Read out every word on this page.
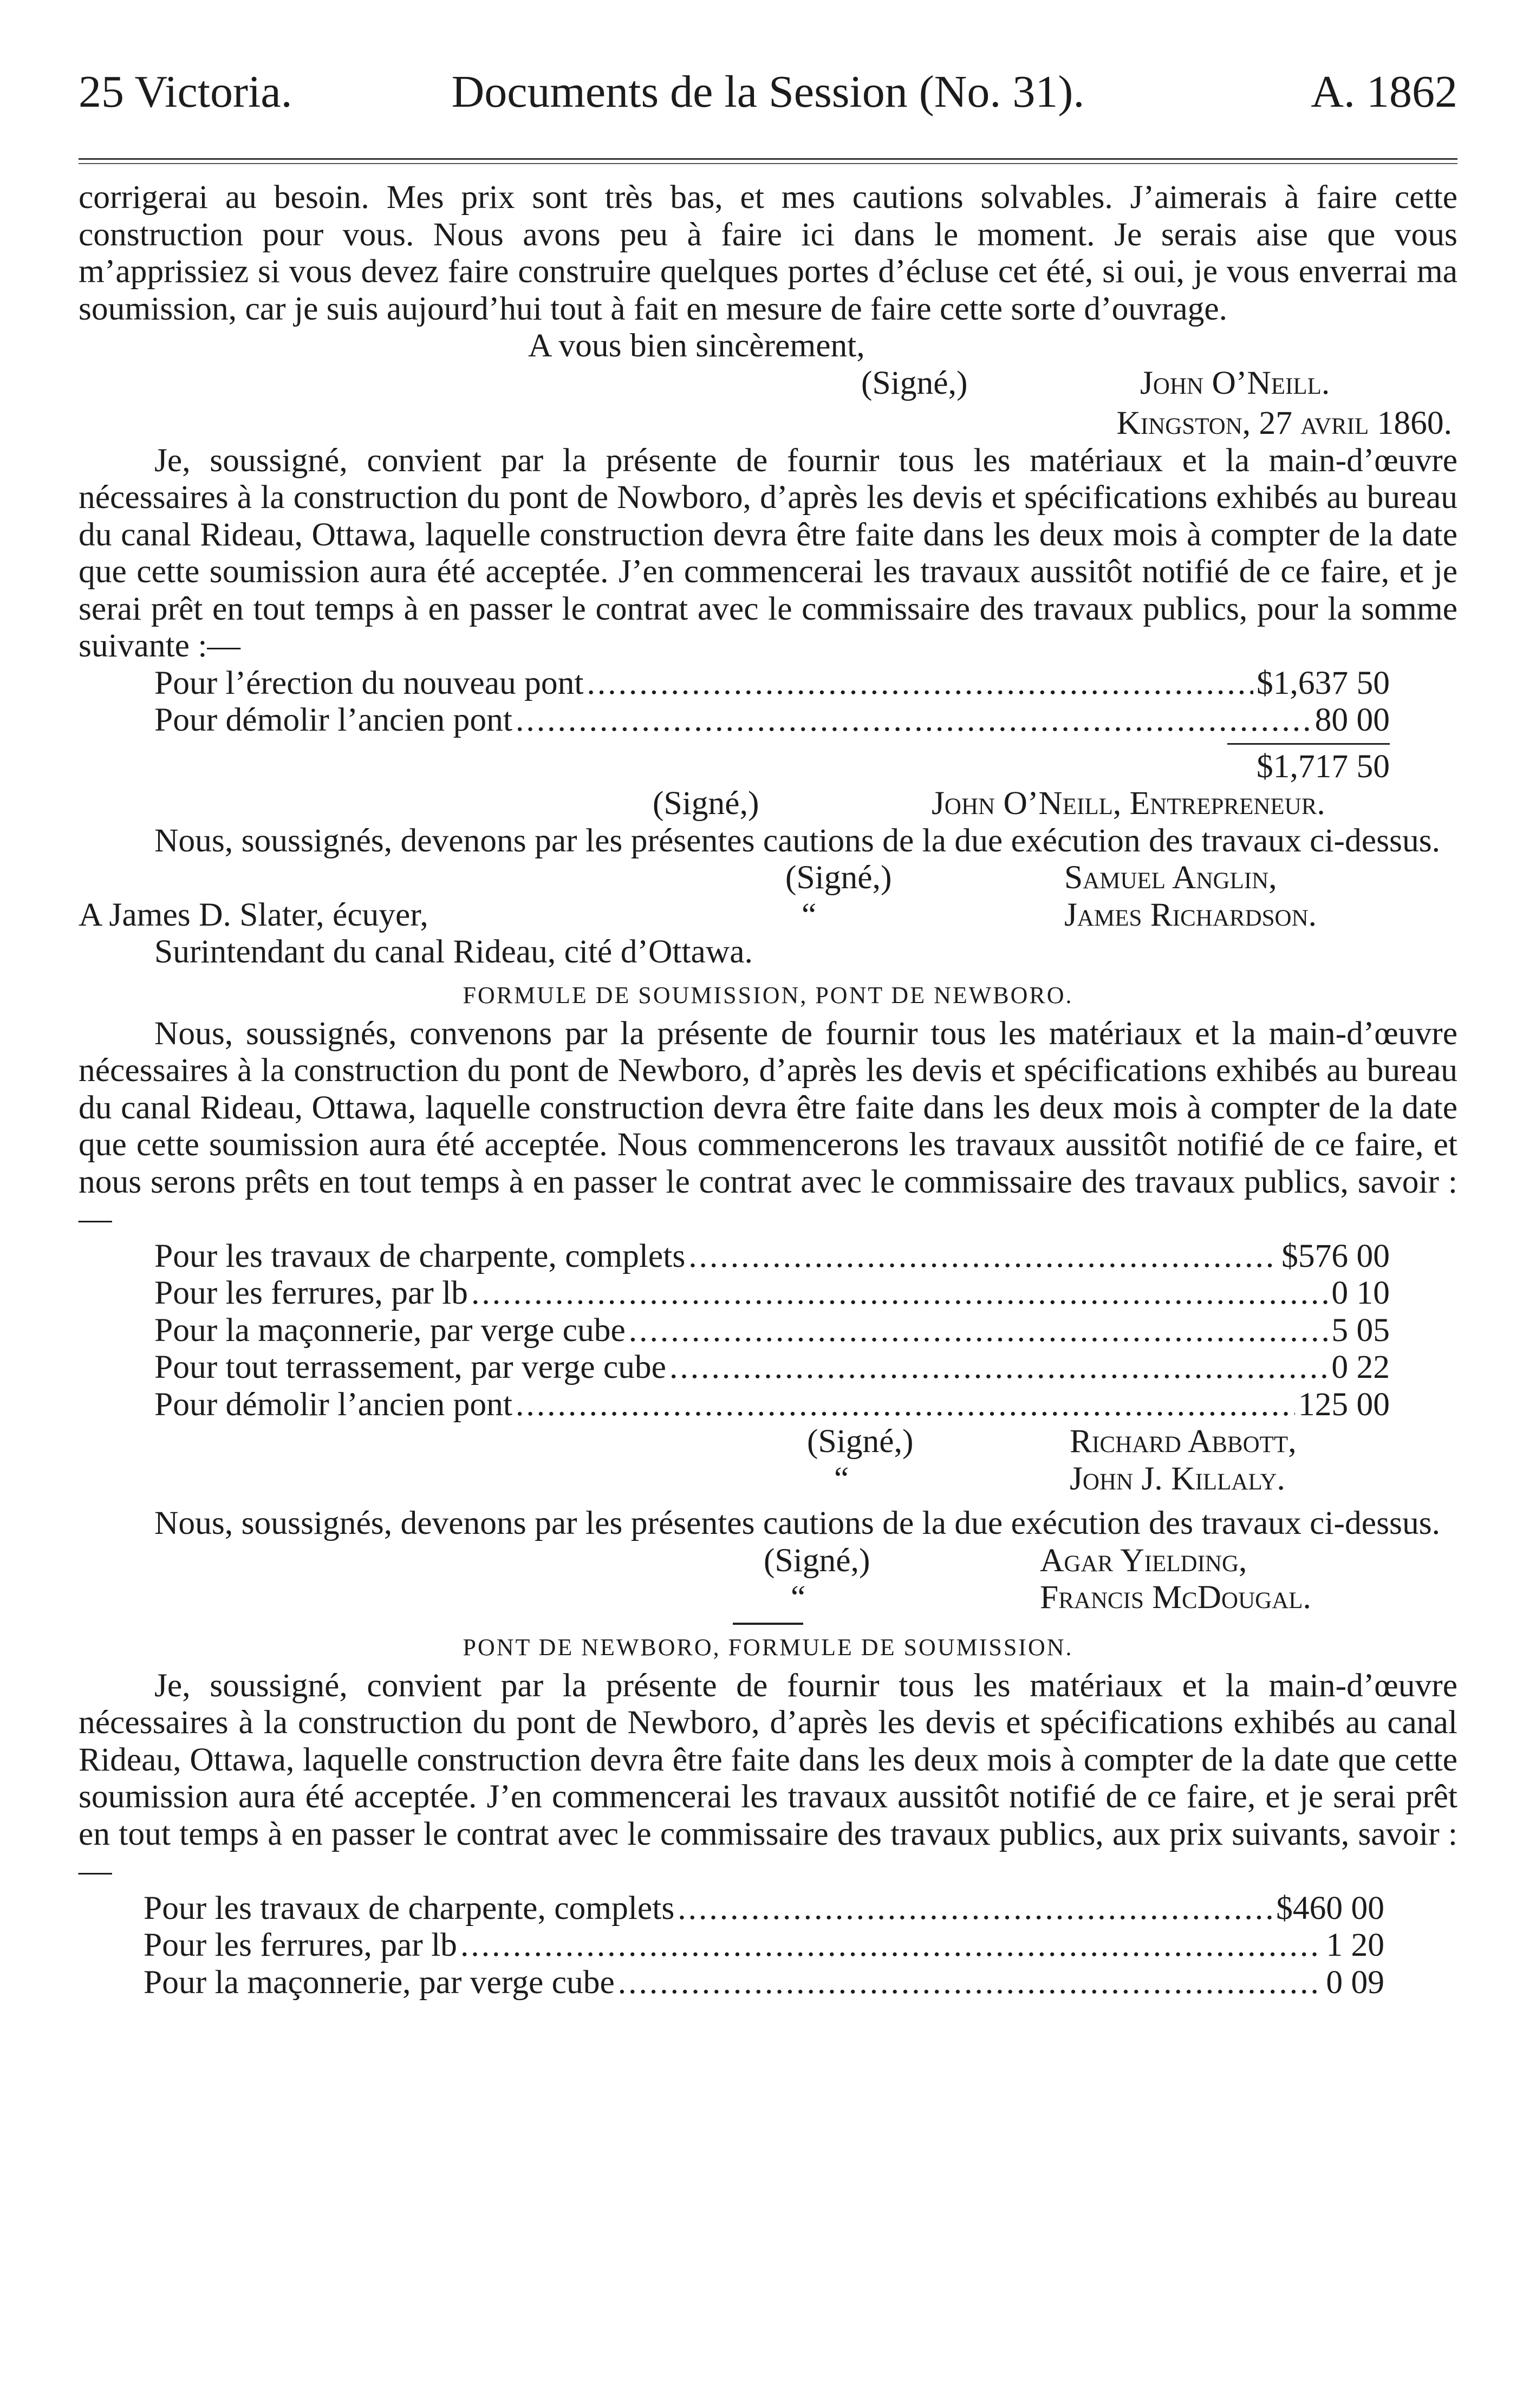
25 Victoria.	Documents de la Session (No. 31).	A. 1862

corrigerai au besoin. Mes prix sont très bas, et mes cautions solvables. J’aimerais à faire cette construction pour vous. Nous avons peu à faire ici dans le moment. Je serais aise que vous m’apprissiez si vous devez faire construire quelques portes d’écluse cet été, si oui, je vous enverrai ma soumission, car je suis aujourd’hui tout à fait en mesure de faire cette sorte d’ouvrage.

A vous bien sincèrement,
(Signé,)	John O’Neill.
Kingston, 27 avril 1860.

Je, soussigné, convient par la présente de fournir tous les matériaux et la main-d’œuvre nécessaires à la construction du pont de Nowboro, d’après les devis et spécifications exhibés au bureau du canal Rideau, Ottawa, laquelle construction devra être faite dans les deux mois à compter de la date que cette soumission aura été acceptée. J’en commencerai les travaux aussitôt notifié de ce faire, et je serai prêt en tout temps à en passer le contrat avec le commissaire des travaux publics, pour la somme suivante :—

Pour l’érection du nouveau pont .....	$1,637 50
Pour démolir l’ancien pont .....	80 00
$1,717 50
(Signé,)	John O’Neill, Entrepreneur.

Nous, soussignés, devenons par les présentes cautions de la due exécution des travaux ci-dessus.

(Signé,)	Samuel Anglin,
A James D. Slater, écuyer,	“	James Richardson.
Surintendant du canal Rideau, cité d’Ottawa.
FORMULE DE SOUMISSION, PONT DE NEWBORO.

Nous, soussignés, convenons par la présente de fournir tous les matériaux et la main-d’œuvre nécessaires à la construction du pont de Newboro, d’après les devis et spécifications exhibés au bureau du canal Rideau, Ottawa, laquelle construction devra être faite dans les deux mois à compter de la date que cette soumission aura été acceptée. Nous commencerons les travaux aussitôt notifié de ce faire, et nous serons prêts en tout temps à en passer le contrat avec le commissaire des travaux publics, savoir :—

Pour les travaux de charpente, complets .....	$576 00
Pour les ferrures, par lb .....	0 10
Pour la maçonnerie, par verge cube .....	5 05
Pour tout terrassement, par verge cube .....	0 22
Pour démolir l’ancien pont .....	125 00
(Signé,)	Richard Abbott,
“	John J. Killaly.

Nous, soussignés, devenons par les présentes cautions de la due exécution des travaux ci-dessus.

(Signé,)	Agar Yielding,
“	Francis McDougal.
PONT DE NEWBORO, FORMULE DE SOUMISSION.

Je, soussigné, convient par la présente de fournir tous les matériaux et la main-d’œuvre nécessaires à la construction du pont de Newboro, d’après les devis et spécifications exhibés au canal Rideau, Ottawa, laquelle construction devra être faite dans les deux mois à compter de la date que cette soumission aura été acceptée. J’en commencerai les travaux aussitôt notifié de ce faire, et je serai prêt en tout temps à en passer le contrat avec le commissaire des travaux publics, aux prix suivants, savoir :—

Pour les travaux de charpente, complets .....	$460 00
Pour les ferrures, par lb .....	1 20
Pour la maçonnerie, par verge cube .....	0 09
